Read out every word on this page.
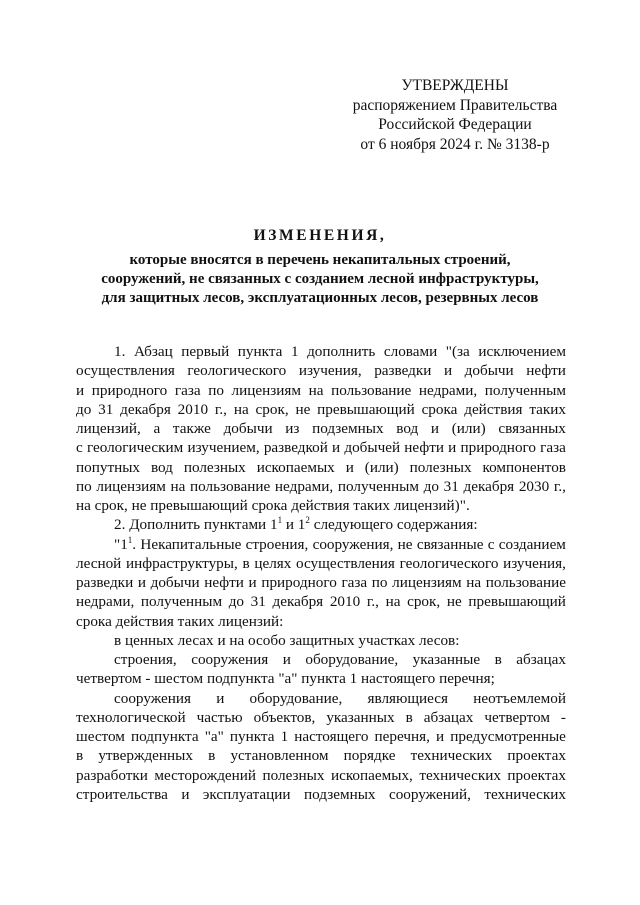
УТВЕРЖДЕНЫ
распоряжением Правительства
Российской Федерации
от 6 ноября 2024 г. № 3138-р
ИЗМЕНЕНИЯ,
которые вносятся в перечень некапитальных строений,
сооружений, не связанных с созданием лесной инфраструктуры,
для защитных лесов, эксплуатационных лесов, резервных лесов
1. Абзац первый пункта 1 дополнить словами "(за исключением
осуществления геологического изучения, разведки и добычи нефти
и природного газа по лицензиям на пользование недрами, полученным
до 31 декабря 2010 г., на срок, не превышающий срока действия таких
лицензий, а также добычи из подземных вод и (или) связанных
с геологическим изучением, разведкой и добычей нефти и природного газа
попутных вод полезных ископаемых и (или) полезных компонентов
по лицензиям на пользование недрами, полученным до 31 декабря 2030 г.,
на срок, не превышающий срока действия таких лицензий)".
2. Дополнить пунктами $1^1$ и $1^2$ следующего содержания:
"$1^1$. Некапитальные строения, сооружения, не связанные с созданием
лесной инфраструктуры, в целях осуществления геологического изучения,
разведки и добычи нефти и природного газа по лицензиям на пользование
недрами, полученным до 31 декабря 2010 г., на срок, не превышающий
срока действия таких лицензий:
в ценных лесах и на особо защитных участках лесов:
строения, сооружения и оборудование, указанные в абзацах
четвертом - шестом подпункта "а" пункта 1 настоящего перечня;
сооружения и оборудование, являющиеся неотъемлемой
технологической частью объектов, указанных в абзацах четвертом -
шестом подпункта "а" пункта 1 настоящего перечня, и предусмотренные
в утвержденных в установленном порядке технических проектах
разработки месторождений полезных ископаемых, технических проектах
строительства и эксплуатации подземных сооружений, технических
